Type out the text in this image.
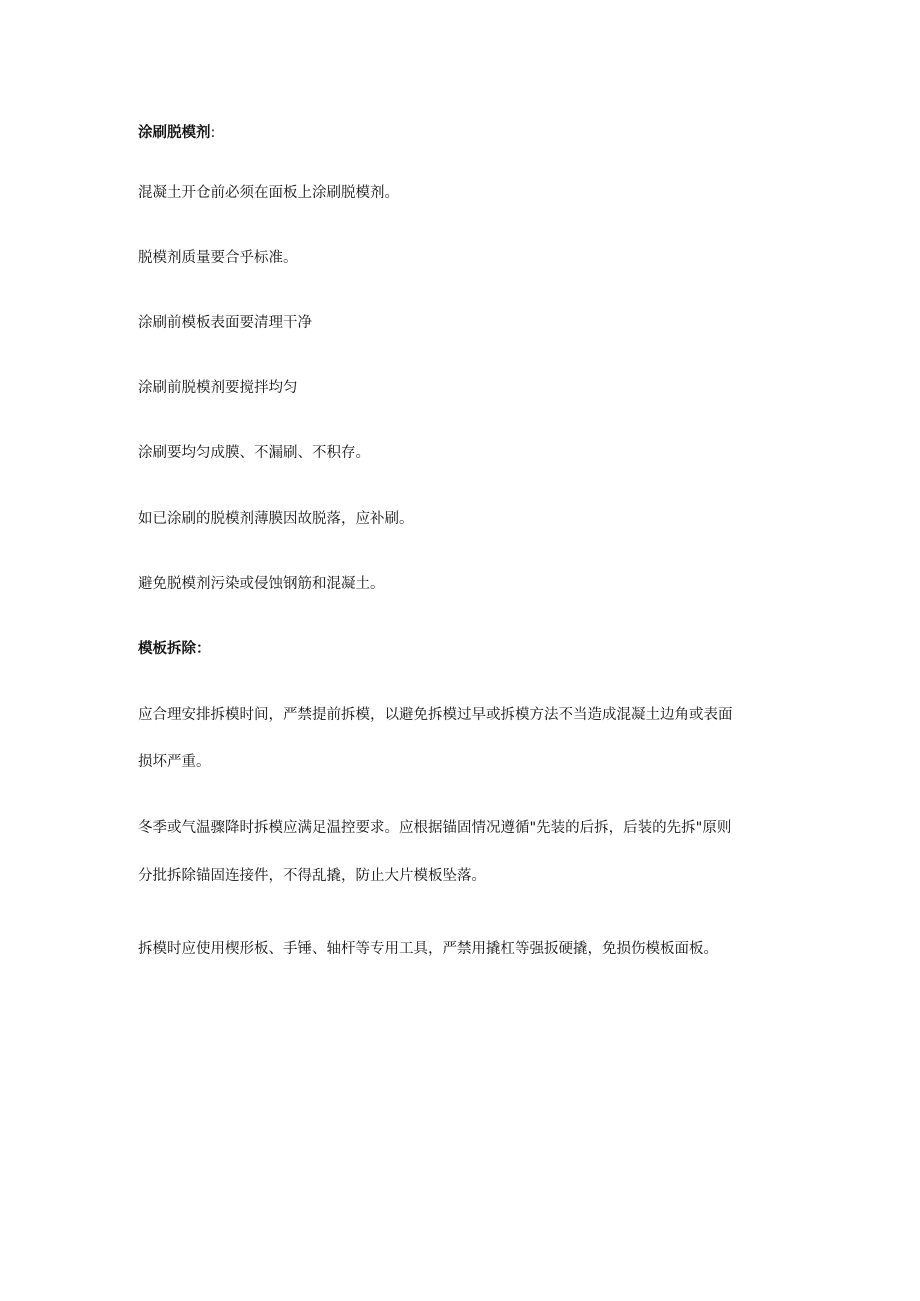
涂刷脱模剂:

混凝土开仓前必须在面板上涂刷脱模剂。

脱模剂质量要合乎标准。

涂刷前模板表面要清理干净

涂刷前脱模剂要搅拌均匀

涂刷要均匀成膜、不漏刷、不积存。

如已涂刷的脱模剂薄膜因故脱落，应补刷。

避免脱模剂污染或侵蚀钢筋和混凝土。

模板拆除：

应合理安排拆模时间，严禁提前拆模，以避免拆模过早或拆模方法不当造成混凝土边角或表面

损坏严重。

冬季或气温骤降时拆模应满足温控要求。应根据锚固情况遵循"先装的后拆，后装的先拆"原则

分批拆除锚固连接件，不得乱撬，防止大片模板坠落。

拆模时应使用楔形板、手锤、轴杆等专用工具，严禁用撬杠等强扳硬撬，免损伤模板面板。
